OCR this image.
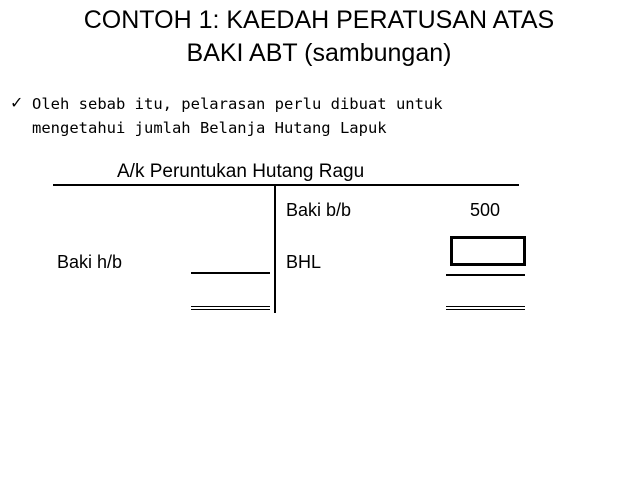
CONTOH 1: KAEDAH PERATUSAN ATAS
BAKI ABT (sambungan)
✓ Oleh sebab itu, pelarasan perlu dibuat untuk
mengetahui jumlah Belanja Hutang Lapuk
A/k Peruntukan Hutang Ragu
Baki h/b
Baki b/b	500
BHL
